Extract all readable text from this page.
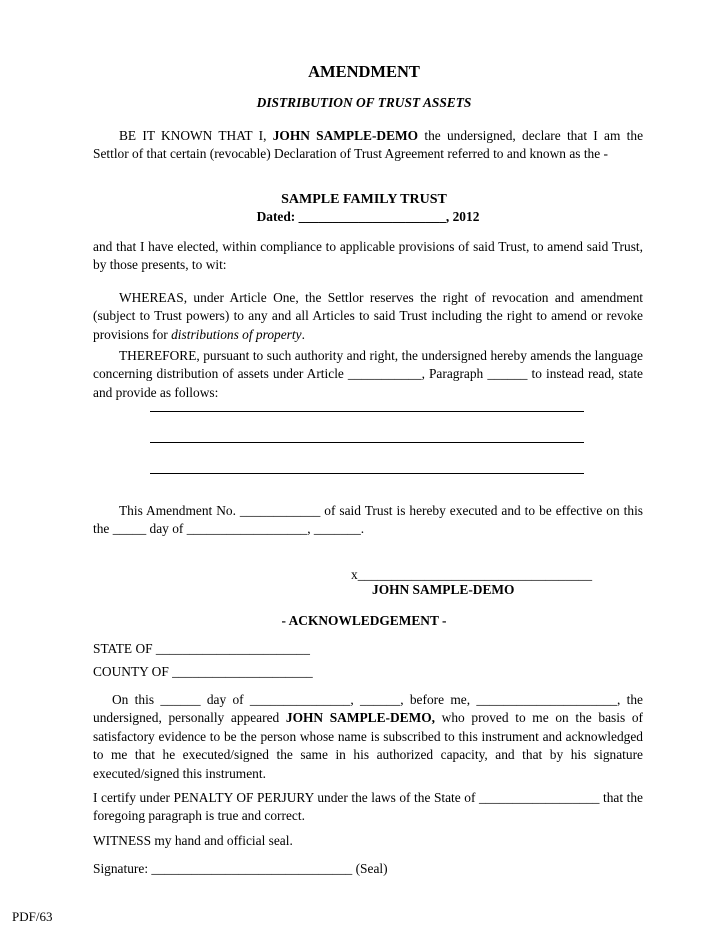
AMENDMENT
DISTRIBUTION OF TRUST ASSETS
BE IT KNOWN THAT I, JOHN SAMPLE-DEMO the undersigned, declare that I am the Settlor of that certain (revocable) Declaration of Trust Agreement referred to and known as the -
SAMPLE FAMILY TRUST
Dated: ______________________, 2012
and that I have elected, within compliance to applicable provisions of said Trust, to amend said Trust, by those presents, to wit:
WHEREAS, under Article One, the Settlor reserves the right of revocation and amendment (subject to Trust powers) to any and all Articles to said Trust including the right to amend or revoke provisions for distributions of property.
THEREFORE, pursuant to such authority and right, the undersigned hereby amends the language concerning distribution of assets under Article ___________, Paragraph ______ to instead read, state and provide as follows:
This Amendment No. ____________ of said Trust is hereby executed and to be effective on this the _____ day of __________________, _______.
x___________________________________
JOHN SAMPLE-DEMO
- ACKNOWLEDGEMENT -
STATE OF _______________________
COUNTY OF _____________________
On this ______ day of _______________, ______, before me, _____________________, the undersigned, personally appeared JOHN SAMPLE-DEMO, who proved to me on the basis of satisfactory evidence to be the person whose name is subscribed to this instrument and acknowledged to me that he executed/signed the same in his authorized capacity, and that by his signature executed/signed this instrument.
I certify under PENALTY OF PERJURY under the laws of the State of __________________ that the foregoing paragraph is true and correct.
WITNESS my hand and official seal.
Signature: ______________________________ (Seal)
PDF/63
